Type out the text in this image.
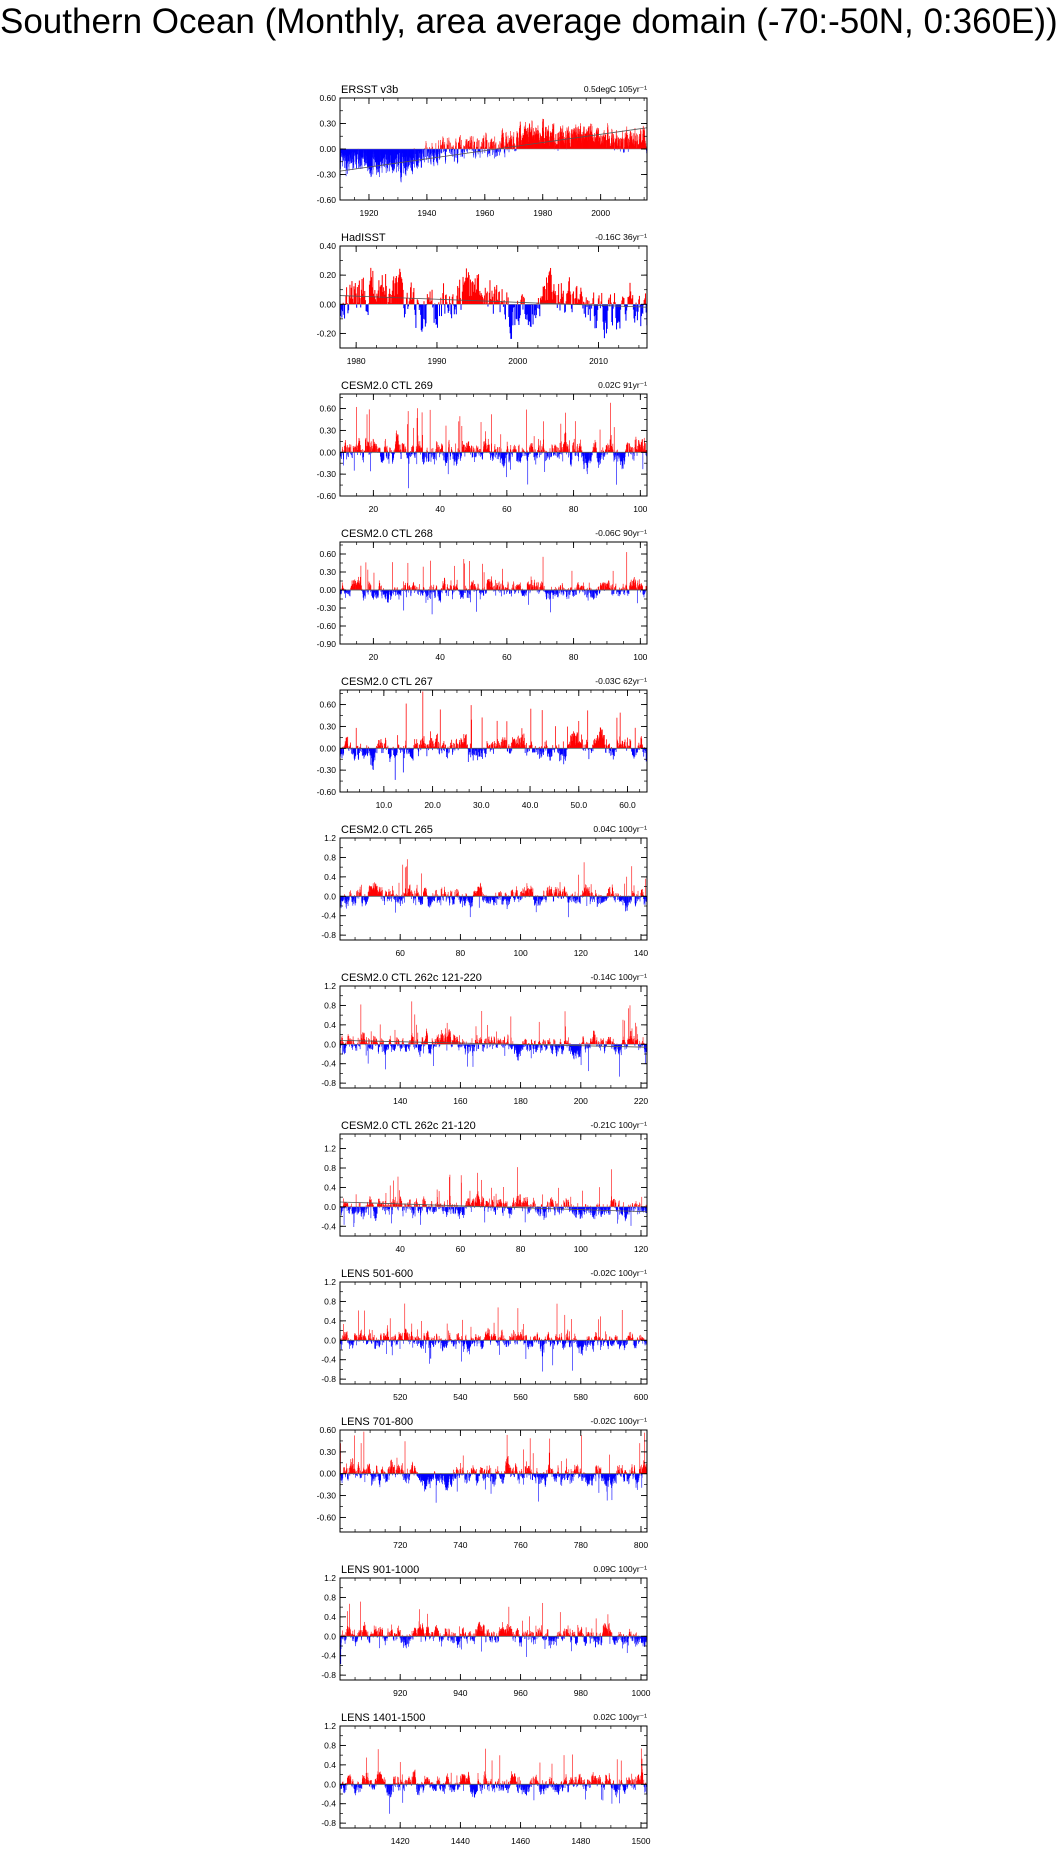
Southern Ocean (Monthly, area average domain (-70:-50N, 0:360E))
-0.60
-0.30
0.00
0.30
0.60
1920	1940	1960	1980	2000
ERSST v3b	0.5degC 105yr⁻¹
-0.20
0.00
0.20
0.40
1980	1990	2000	2010
HadISST	-0.16C 36yr⁻¹
-0.60
-0.30
0.00
0.30
0.60
20	40	60	80	100
CESM2.0 CTL 269	0.02C 91yr⁻¹
-0.90
-0.60
-0.30
0.00
0.30
0.60
20	40	60	80	100
CESM2.0 CTL 268	-0.06C 90yr⁻¹
-0.60
-0.30
0.00
0.30
0.60
10.0	20.0	30.0	40.0	50.0	60.0
CESM2.0 CTL 267	-0.03C 62yr⁻¹
-0.8
-0.4
0.0
0.4
0.8
1.2
60	80	100	120	140
CESM2.0 CTL 265	0.04C 100yr⁻¹
-0.8
-0.4
0.0
0.4
0.8
1.2
140	160	180	200	220
CESM2.0 CTL 262c 121-220	-0.14C 100yr⁻¹
-0.4
0.0
0.4
0.8
1.2
40	60	80	100	120
CESM2.0 CTL 262c 21-120	-0.21C 100yr⁻¹
-0.8
-0.4
0.0
0.4
0.8
1.2
520	540	560	580	600
LENS 501-600	-0.02C 100yr⁻¹
-0.60
-0.30
0.00
0.30
0.60
720	740	760	780	800
LENS 701-800	-0.02C 100yr⁻¹
-0.8
-0.4
0.0
0.4
0.8
1.2
920	940	960	980	1000
LENS 901-1000	0.09C 100yr⁻¹
-0.8
-0.4
0.0
0.4
0.8
1.2
1420	1440	1460	1480	1500
LENS 1401-1500	0.02C 100yr⁻¹
